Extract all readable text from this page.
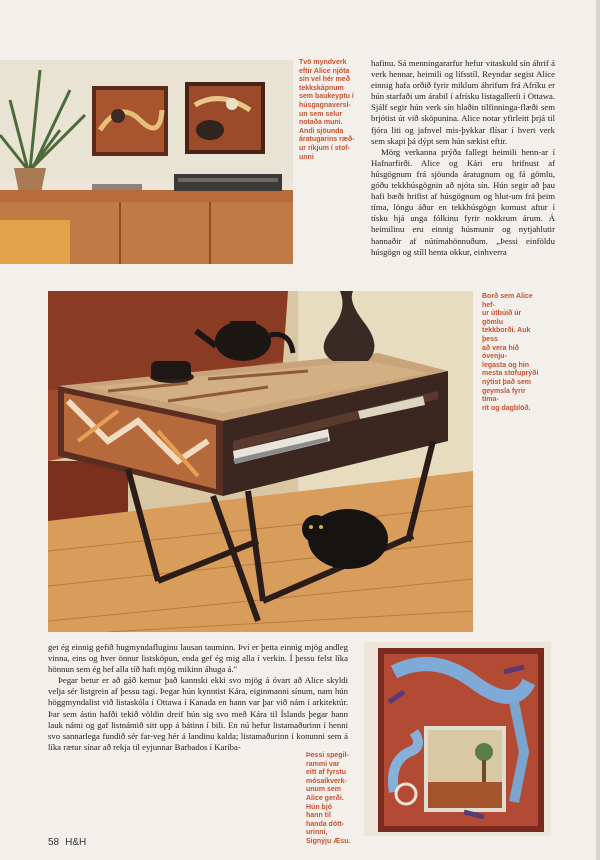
Tvö myndverk

eftir Alice njóta

sín vel hér með

tekkskápnum

sem baukeyptu í

húsgagnaversl-

un sem selur

notaða muni.

Andi sjöunda

áratugarins ræð-

ur ríkjum í stof-

unni

hafinu. Sá menningararfur hefur vitaskuld sín áhrif á verk hennar, heimili og lífsstíl. Reyndar segist Alice einnig hafa orðið fyrir miklum áhrifum frá Afríku er hún starfaði um árabil í afrísku listagalleríi í Ottawa. Sjálf segir hún verk sín hlaðin tilfinninga-flæði sem brjótist út við sköpunina. Alice notar yfirleitt þrjá til fjóra liti og jafnvel mis-þykkar flísar í hvert verk sem skapi þá dýpt sem hún sækist eftir.

Mörg verkanna prýða fallegt heimili henn-ar í Hafnarfirði. Alice og Kári eru hrifnust af húsgögnum frá sjöunda áratugnum og fá gömlu, góðu tekkhúsgögnin að njóta sín. Hún segir að þau hafi bæði hrifist af húsgögnum og hlut-um frá þeim tíma, löngu áður en tekkhúsgögn komust aftur í tísku hjá unga fólkinu fyrir nokkrum árum. Á heimilinu eru einnig húsmunir og nytjahlutir hannaðir af nútímahönnuðum. „Þessi einföldu húsgögn og stíll henta okkur, einhverra

Borð sem Alice hef-

ur útbúið úr gömlu

tekkborði. Auk þess

að vera hið óvenju-

legasta og hin

mesta stofuprýði

nýtist það sem

geymsla fyrir tíma-

rit og dagblöð.

get ég einnig gefið hugmyndafluginu lausan tauminn. Því er þetta einnig mjög andleg vinna, eins og hver önnur listsköpun, enda gef ég mig alla í verkin. Í þessu felst líka hönnun sem ég hef alla tíð haft mjög mikinn áhuga á."

Þegar betur er að gáð kemur það kannski ekki svo mjög á óvart að Alice skyldi velja sér listgrein af þessu tagi. Þegar hún kynntist Kára, eiginmanni sínum, nam hún höggmyndalist við listaskóla í Ottawa í Kanada en hann var þar við nám í arkitektúr. Þar sem ástin hafði tekið völdin dreif hún sig svo með Kára til Íslands þegar hann lauk námi og gaf listnámið sitt upp á bátinn í bili. En nú hefur listamaðurinn í henni svo sannarlega fundið sér far-veg hér á landinu kalda; listamaðurinn í konunni sem á líka rætur sínar að rekja til eyjunnar Barbados í Karíba-

Þessi spegil-

rammi var

eitt af fyrstu

mósaíkverk-

unum sem

Alice gerði.

Hún bjó

hann til

handa dótt-

urinni,

Signýju Æsu.

58 H&H
